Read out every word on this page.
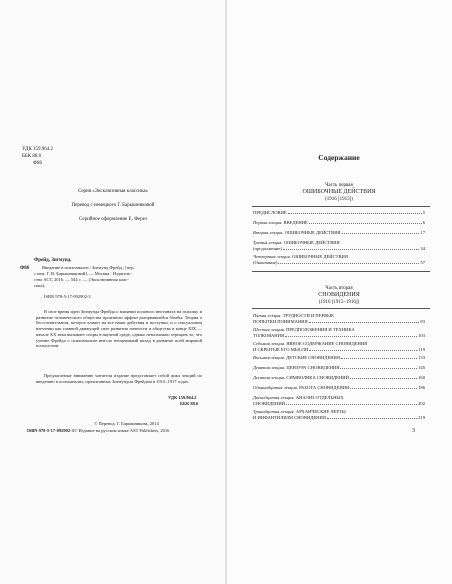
УДК 159.964.2
ББК 88.6
Ф86
Серия «Эксклюзивная классика»
Перевод с немецкого Г. Барышниковой
Серийное оформление Е. Ферез
Фрейд, Зигмунд.
Ф86	Введение в психоанализ / Зигмунд Фрейд ; [пер.
с нем. Г. В. Барышниковой]. — Москва : Издатель-
ство АСТ, 2016. — 544 с. — (Эксклюзивная клас-
сика).
ISBN 978-5-17-092902-3
В свое время идеи Зигмунда Фрейда о влиянии полового инстинкта на психику и развитие человеческого общества произвели эффект разорвавшейся бомбы. Теория о бессознательном, которое влияет на все наши действия и поступки, и о сексуальном влечении как главной движущей силе развития личности и общества в конце XIX — начале XX века вызывает споры в научной среде, однако невозможно отрицать то, что учение Фрейда о психоанализе внесло неоценимый вклад в развитие всей мировой психологии.
Предлагаемые вниманию читателя издание представляет собой цикл лекций по введению в психоанализ, прочитанных Зигмундом Фрейдом в 1915–1917 годах.
УДК 159.964.2
ББК 88.6
© Перевод. Г. Барышникова, 2014
© Издание на русском языке AST Publishers, 2016
ISBN 978-5-17-092902-3
Содержание
Часть первая
ОШИБОЧНЫЕ ДЕЙСТВИЯ
(1916 [1915])
ПРЕДИСЛОВИЕ	5
Первая лекция. ВВЕДЕНИЕ	6
Вторая лекция. ОШИБОЧНЫЕ ДЕЙСТВИЯ	17
Третья лекция. ОШИБОЧНЫЕ ДЕЙСТВИЯ
(продолжение)	34
Четвертая лекция. ОШИБОЧНЫЕ ДЕЙСТВИЯ
(Окончание)	57
Часть вторая
СНОВИДЕНИЯ
(1916 [1915–1916])
Пятая лекция. ТРУДНОСТИ И ПЕРВЫЕ
ПОПЫТКИ ПОНИМАНИЯ	83
Шестая лекция. ПРЕДПОЛОЖЕНИЯ И ТЕХНИКА
ТОЛКОВАНИЯ	103
Седьмая лекция. ЯВНОЕ СОДЕРЖАНИЕ СНОВИДЕНИЯ
И СКРЫТЫЕ ЕГО МЫСЛИ	119
Восьмая лекция. ДЕТСКИЕ СНОВИДЕНИЯ	133
Девятая лекция. ЦЕНЗУРА СНОВИДЕНИЯ	145
Десятая лекция. СИМВОЛИКА СНОВИДЕНИЙ	160
Одиннадцатая лекция. РАБОТА СНОВИДЕНИЯ	186
Двенадцатая лекция. АНАЛИЗ ОТДЕЛЬНЫХ
СНОВИДЕНИЙ	202
Тринадцатая лекция. АРХАИЧЕСКИЕ ЧЕРТЫ
И ИНФАНТИЛИЗМ СНОВИДЕНИЯ	219
3
